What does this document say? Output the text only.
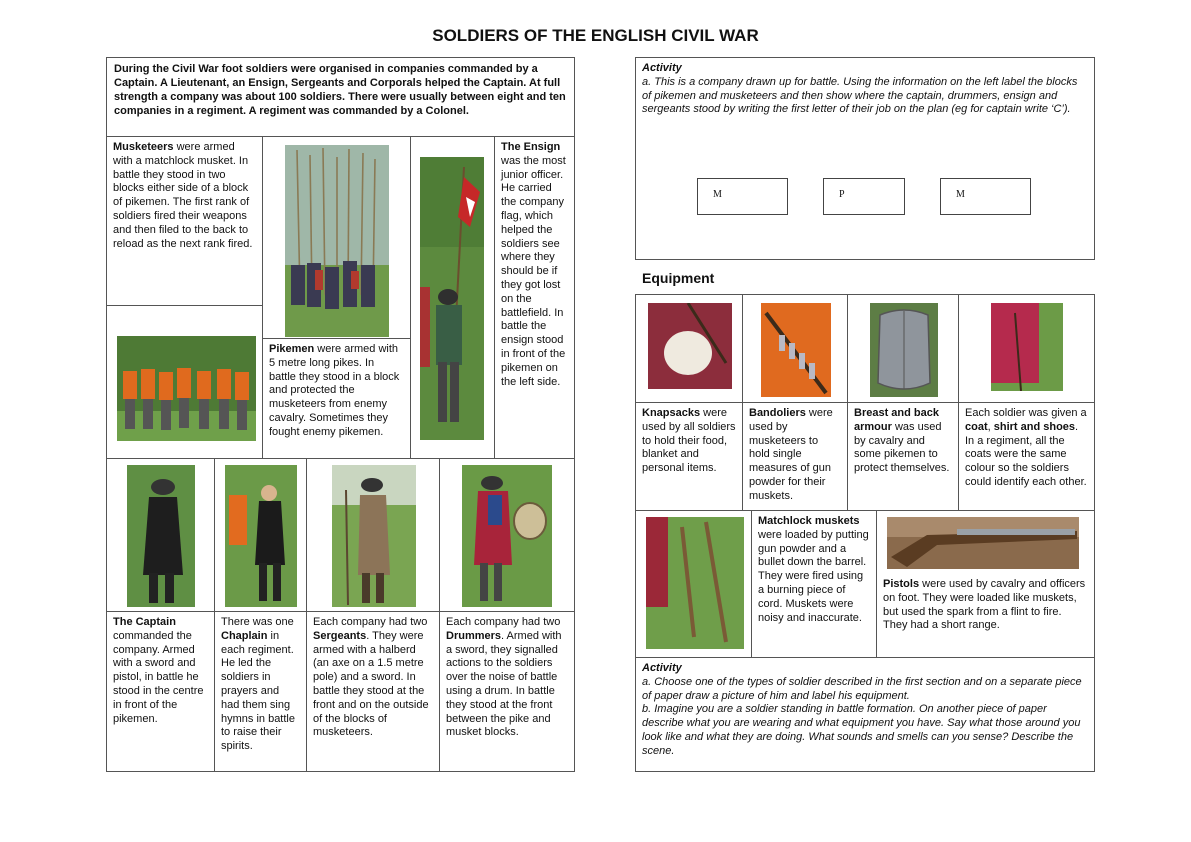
SOLDIERS OF THE ENGLISH CIVIL WAR
During the Civil War foot soldiers were organised in companies commanded by a Captain. A Lieutenant, an Ensign, Sergeants and Corporals helped the Captain. At full strength a company was about 100 soldiers. There were usually between eight and ten companies in a regiment. A regiment was commanded by a Colonel.
Musketeers were armed with a matchlock musket. In battle they stood in two blocks either side of a block of pikemen. The first rank of soldiers fired their weapons and then filed to the back to reload as the next rank fired.
The Ensign was the most junior officer. He carried the company flag, which helped the soldiers see where they should be if they got lost on the battlefield. In battle the ensign stood in front of the pikemen on the left side.
Pikemen were armed with 5 metre long pikes. In battle they stood in a block and protected the musketeers from enemy cavalry. Sometimes they fought enemy pikemen.
The Captain commanded the company. Armed with a sword and pistol, in battle he stood in the centre in front of the pikemen.
There was one Chaplain in each regiment. He led the soldiers in prayers and had them sing hymns in battle to raise their spirits.
Each company had two Sergeants. They were armed with a halberd (an axe on a 1.5 metre pole) and a sword. In battle they stood at the front and on the outside of the blocks of musketeers.
Each company had two Drummers. Armed with a sword, they signalled actions to the soldiers over the noise of battle using a drum. In battle they stood at the front between the pike and musket blocks.
Activity
a. This is a company drawn up for battle. Using the information on the left label the blocks of pikemen and musketeers and then show where the captain, drummers, ensign and sergeants stood by writing the first letter of their job on the plan (eg for captain write ‘C’).
M	P	M
Equipment
Knapsacks were used by all soldiers to hold their food, blanket and personal items.
Bandoliers were used by musketeers to hold single measures of gun powder for their muskets.
Breast and back armour was used by cavalry and some pikemen to protect themselves.
Each soldier was given a coat, shirt and shoes. In a regiment, all the coats were the same colour so the soldiers could identify each other.
Matchlock muskets were loaded by putting gun powder and a bullet down the barrel. They were fired using a burning piece of cord. Muskets were noisy and inaccurate.
Pistols were used by cavalry and officers on foot. They were loaded like muskets, but used the spark from a flint to fire. They had a short range.
Activity
a. Choose one of the types of soldier described in the first section and on a separate piece of paper draw a picture of him and label his equipment.
b. Imagine you are a soldier standing in battle formation. On another piece of paper describe what you are wearing and what equipment you have. Say what those around you look like and what they are doing. What sounds and smells can you sense? Describe the scene.
